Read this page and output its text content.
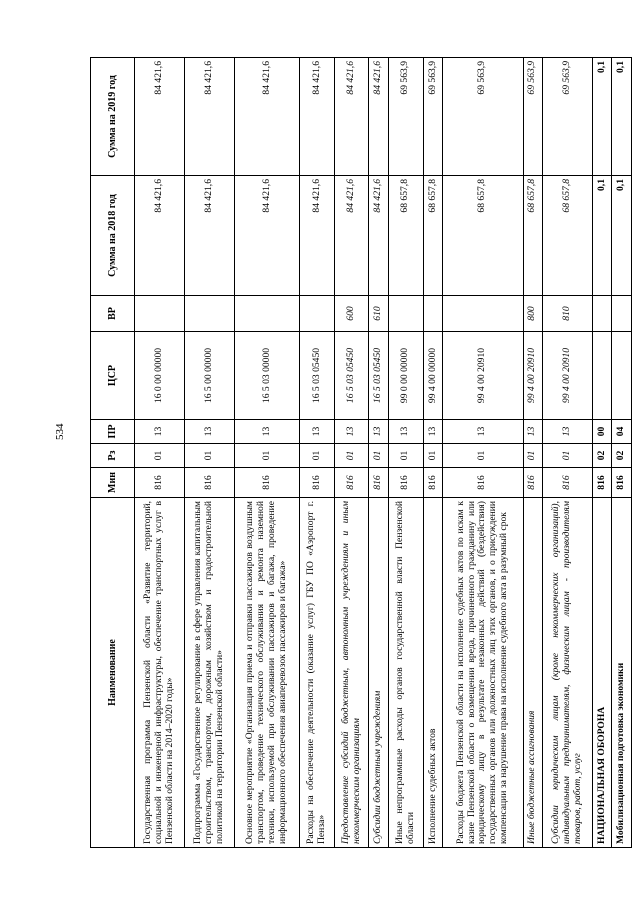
534
Наименование	Мин	Рз	ПР	ЦСР	ВР	Сумма на 2018 год	Сумма на 2019 год
Государственная программа Пензенской области «Развитие территорий, социальной и инженерной инфраструктуры, обеспечение транспортных услуг в Пензенской области на 2014–2020 годы»	816	01	13	16 0 00 00000		84 421,6	84 421,6
Подпрограмма «Государственное регулирование в сфере управления капитальным строительством, транспортом, дорожным хозяйством и градостроительной политикой на территории Пензенской области»	816	01	13	16 5 00 00000		84 421,6	84 421,6
Основное мероприятие «Организация приема и отправки пассажиров воздушным транспортом, проведение технического обслуживания и ремонта наземной техники, используемой при обслуживании пассажиров и багажа, проведение информационного обеспечения авиаперевозок пассажиров и багажа»	816	01	13	16 5 03 00000		84 421,6	84 421,6
Расходы на обеспечение деятельности (оказание услуг) ГБУ ПО «Аэропорт г. Пенза»	816	01	13	16 5 03 05450		84 421,6	84 421,6
Предоставление субсидий бюджетным, автономным учреждениям и иным некоммерческим организациям	816	01	13	16 5 03 05450	600	84 421,6	84 421,6
Субсидии бюджетным учреждениям	816	01	13	16 5 03 05450	610	84 421,6	84 421,6
Иные непрограммные расходы органов государственной власти Пензенской области	816	01	13	99 0 00 00000		68 657,8	69 563,9
Исполнение судебных актов	816	01	13	99 4 00 00000		68 657,8	69 563,9
Расходы бюджета Пензенской области на исполнение судебных актов по искам к казне Пензенской области о возмещении вреда, причиненного гражданину или юридическому лицу в результате незаконных действий (бездействия) государственных органов или должностных лиц этих органов, и о присуждении компенсации за нарушение права на исполнение судебного акта в разумный срок	816	01	13	99 4 00 20910		68 657,8	69 563,9
Иные бюджетные ассигнования	816	01	13	99 4 00 20910	800	68 657,8	69 563,9
Субсидии юридическим лицам (кроме некоммерческих организаций), индивидуальным предпринимателям, физическим лицам - производителям товаров, работ, услуг	816	01	13	99 4 00 20910	810	68 657,8	69 563,9
НАЦИОНАЛЬНАЯ ОБОРОНА	816	02	00			0,1	0,1
Мобилизационная подготовка экономики	816	02	04			0,1	0,1
